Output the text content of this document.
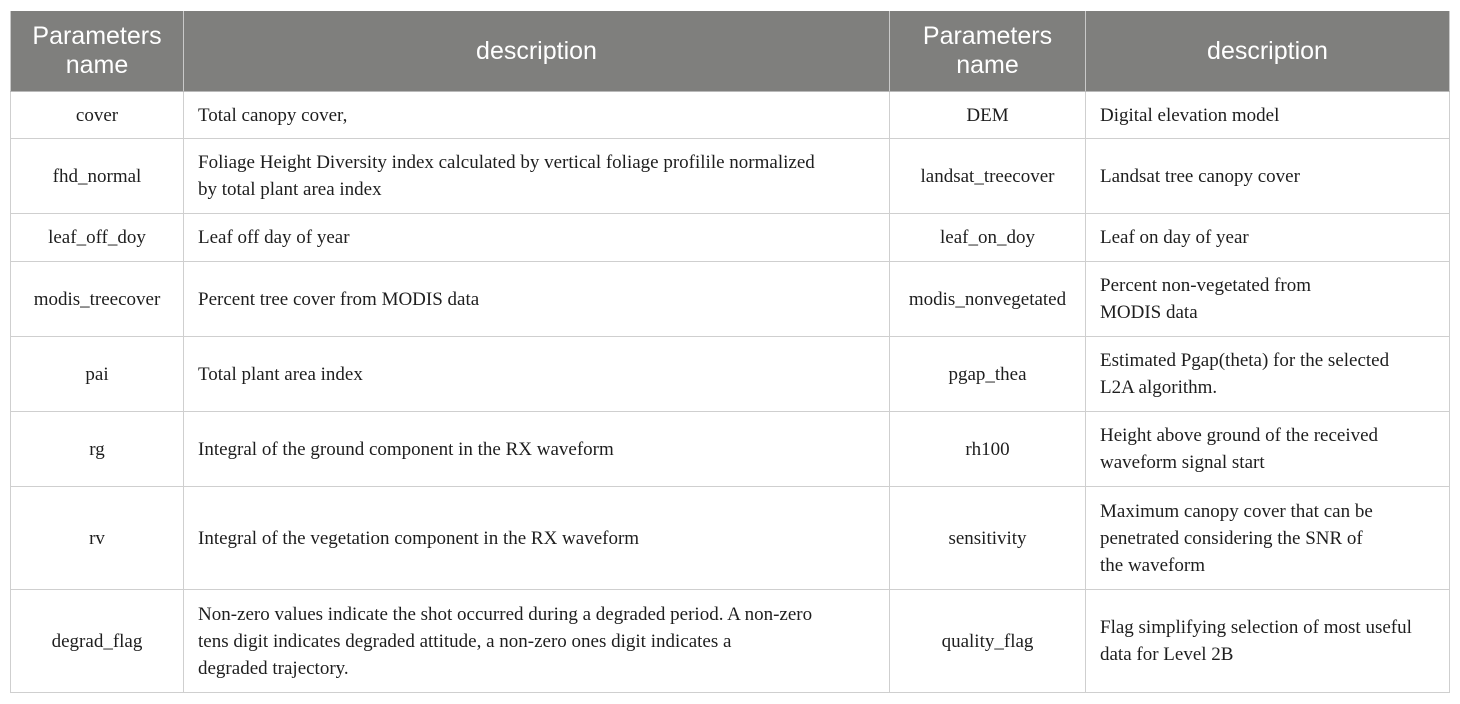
Parameters name	description	Parameters name	description
cover	Total canopy cover,	DEM	Digital elevation model

fhd_normal	Foliage Height Diversity index calculated by vertical foliage profilile normalized
by total plant area index	landsat_treecover	Landsat tree canopy cover

leaf_off_doy	Leaf off day of year	leaf_on_doy	Leaf on day of year

modis_treecover	Percent tree cover from MODIS data	modis_nonvegetated	Percent non-vegetated from
MODIS data

pai	Total plant area index	pgap_thea	Estimated Pgap(theta) for the selected
L2A algorithm.

rg	Integral of the ground component in the RX waveform	rh100	Height above ground of the received
waveform signal start

rv	Integral of the vegetation component in the RX waveform	sensitivity	Maximum canopy cover that can be
penetrated considering the SNR of
the waveform

degrad_flag	Non-zero values indicate the shot occurred during a degraded period. A non-zero
tens digit indicates degraded attitude, a non-zero ones digit indicates a
degraded trajectory.	quality_flag	Flag simplifying selection of most useful
data for Level 2B
